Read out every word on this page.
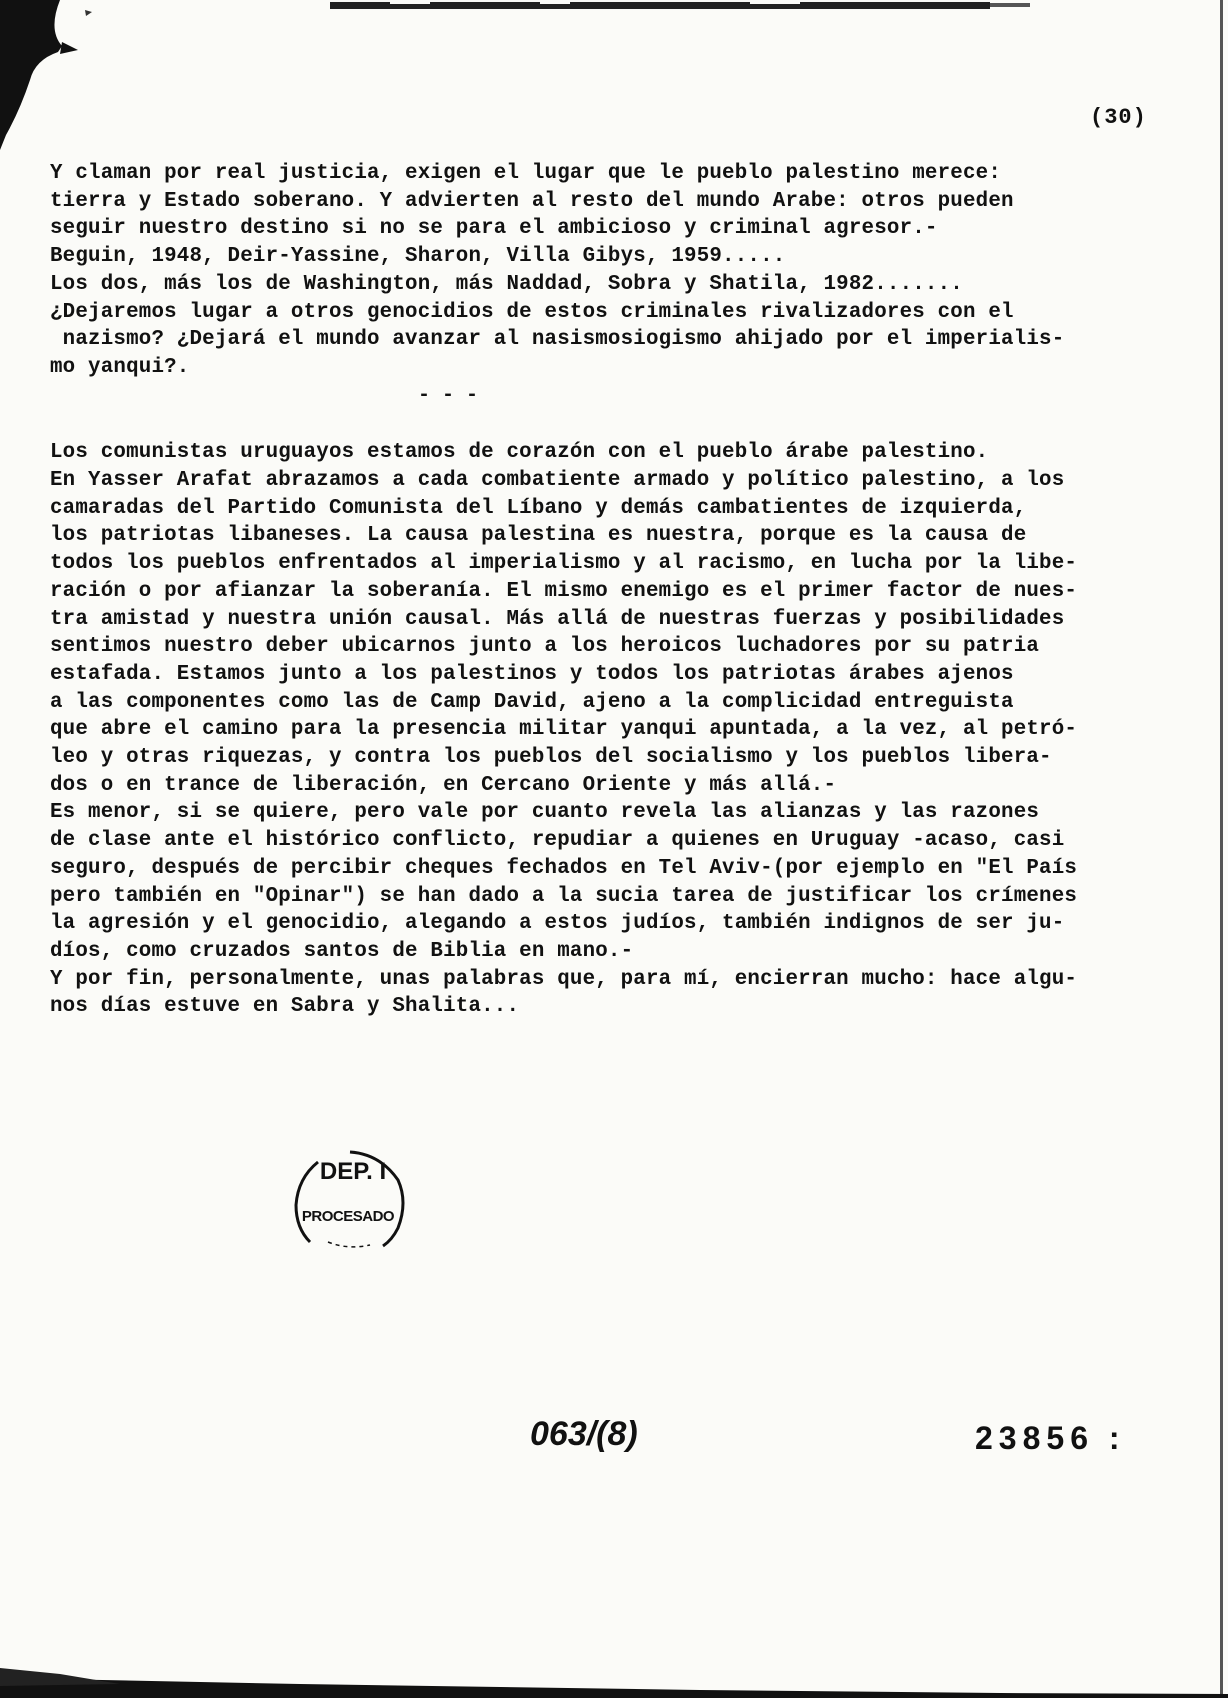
(30)
Y claman por real justicia, exigen el lugar que le pueblo palestino merece:
tierra y Estado soberano. Y advierten al resto del mundo Arabe: otros pueden
seguir nuestro destino si no se para el ambicioso y criminal agresor.-
Beguin, 1948, Deir-Yassine, Sharon, Villa Gibys, 1959.....
Los dos, más los de Washington, más Naddad, Sobra y Shatila, 1982.......
¿Dejaremos lugar a otros genocidios de estos criminales rivalizadores con el
nazismo? ¿Dejará el mundo avanzar al nasismosiogismo ahijado por el imperialis-
mo yanqui?.
- - -
Los comunistas uruguayos estamos de corazón con el pueblo árabe palestino.
En Yasser Arafat abrazamos a cada combatiente armado y político palestino, a los
camaradas del Partido Comunista del Líbano y demás cambatientes de izquierda,
los patriotas libaneses. La causa palestina es nuestra, porque es la causa de
todos los pueblos enfrentados al imperialismo y al racismo, en lucha por la libe-
ración o por afianzar la soberanía. El mismo enemigo es el primer factor de nues-
tra amistad y nuestra unión causal. Más allá de nuestras fuerzas y posibilidades
sentimos nuestro deber ubicarnos junto a los heroicos luchadores por su patria
estafada. Estamos junto a los palestinos y todos los patriotas árabes ajenos
a las componentes como las de Camp David, ajeno a la complicidad entreguista
que abre el camino para la presencia militar yanqui apuntada, a la vez, al petró-
leo y otras riquezas, y contra los pueblos del socialismo y los pueblos libera-
dos o en trance de liberación, en Cercano Oriente y más allá.-
Es menor, si se quiere, pero vale por cuanto revela las alianzas y las razones
de clase ante el histórico conflicto, repudiar a quienes en Uruguay -acaso, casi
seguro, después de percibir cheques fechados en Tel Aviv-(por ejemplo en "El País
pero también en "Opinar") se han dado a la sucia tarea de justificar los crímenes
la agresión y el genocidio, alegando a estos judíos, también indignos de ser ju-
díos, como cruzados santos de Biblia en mano.-
Y por fin, personalmente, unas palabras que, para mí, encierran mucho: hace algu-
nos días estuve en Sabra y Shalita...
DEP. I
PROCESADO
063/(8)	23856 :
